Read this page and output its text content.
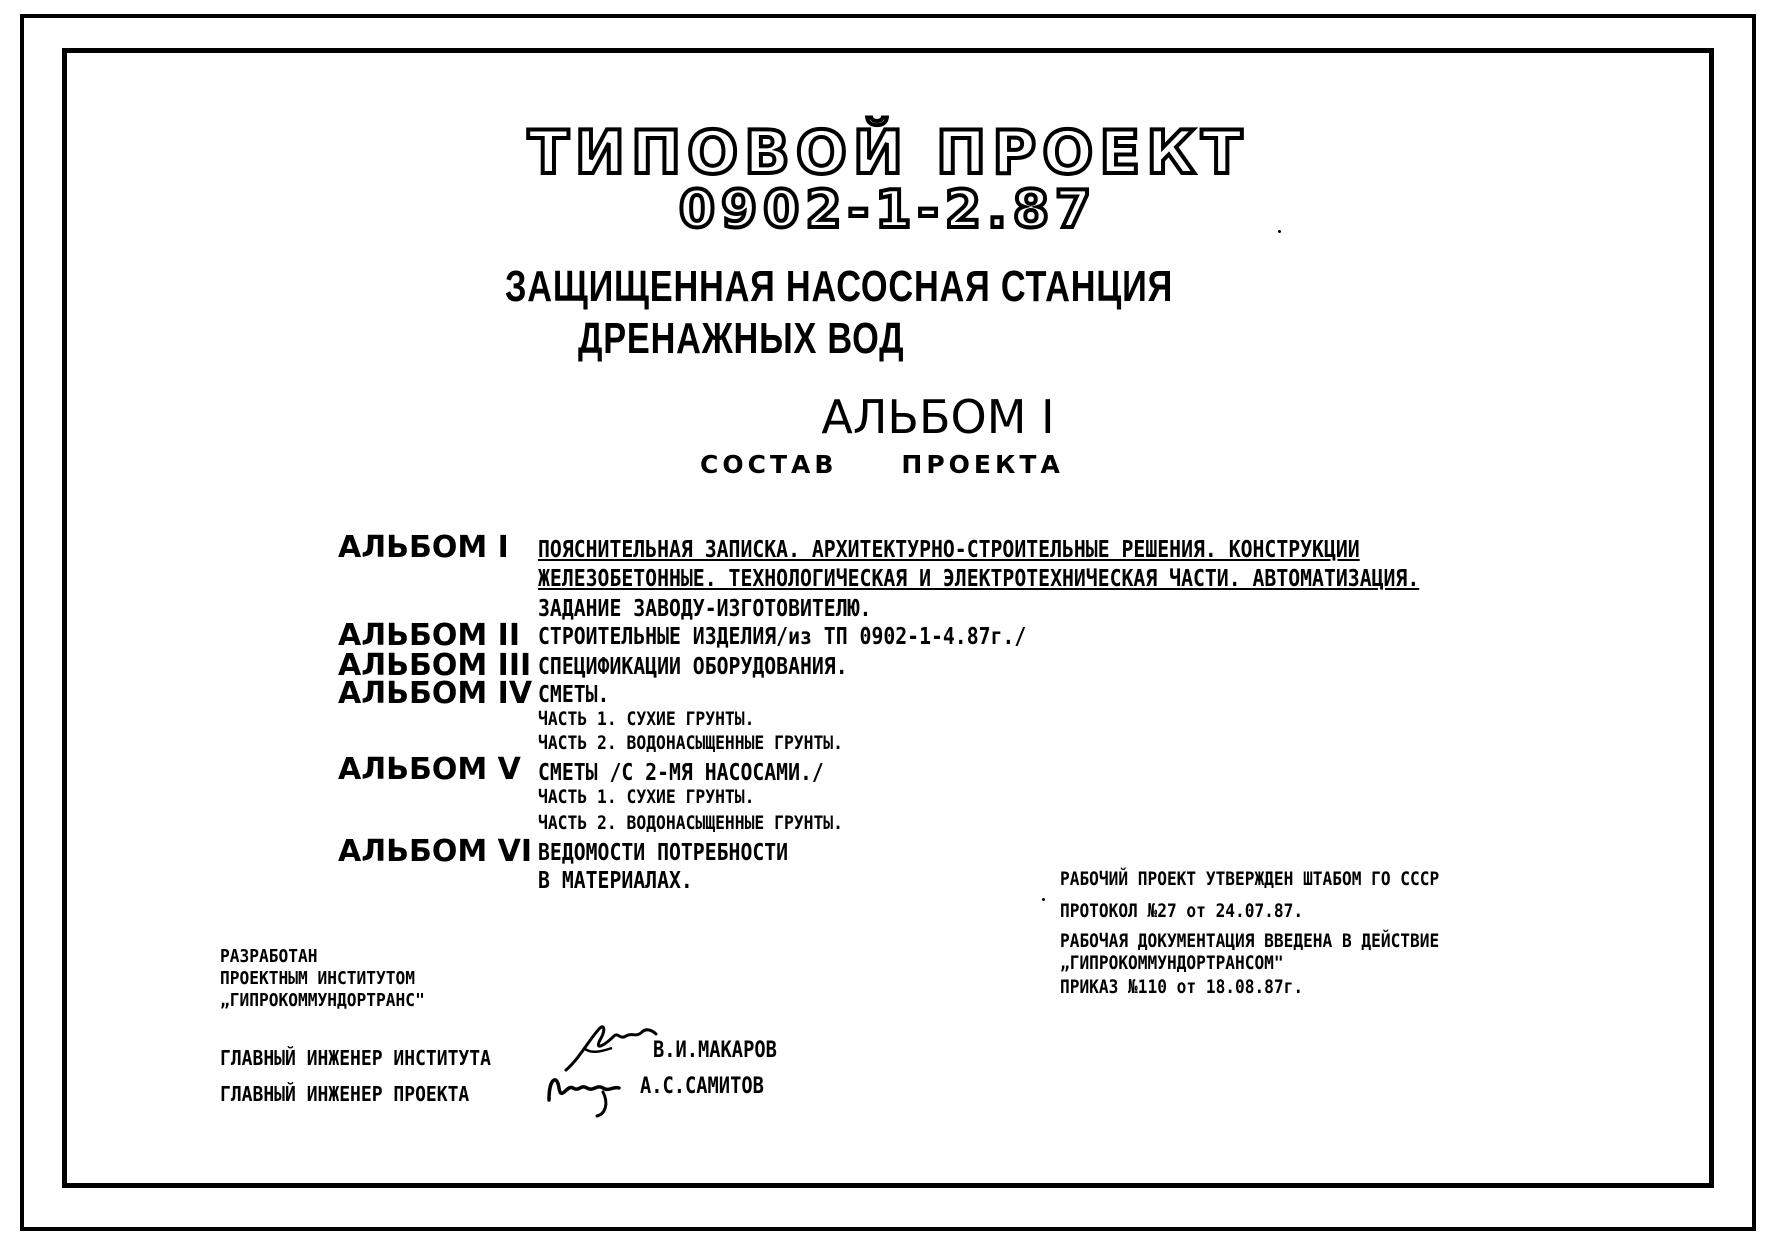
ТИПОВОЙ ПРОЕКТ
0902-1-2.87
ЗАЩИЩЕННАЯ НАСОСНАЯ СТАНЦИЯ
ДРЕНАЖНЫХ ВОД
АЛЬБОМ I
СОСТАВ	ПРОЕКТА
АЛЬБОМ I ПОЯСНИТЕЛЬНАЯ ЗАПИСКА. АРХИТЕКТУРНО-СТРОИТЕЛЬНЫЕ РЕШЕНИЯ. КОНСТРУКЦИИ
ЖЕЛЕЗОБЕТОННЫЕ. ТЕХНОЛОГИЧЕСКАЯ И ЭЛЕКТРОТЕХНИЧЕСКАЯ ЧАСТИ. АВТОМАТИЗАЦИЯ.
ЗАДАНИЕ ЗАВОДУ-ИЗГОТОВИТЕЛЮ.
АЛЬБОМ II СТРОИТЕЛЬНЫЕ ИЗДЕЛИЯ/из ТП 0902-1-4.87г./
АЛЬБОМ III СПЕЦИФИКАЦИИ ОБОРУДОВАНИЯ.
АЛЬБОМ IV СМЕТЫ.
ЧАСТЬ 1. СУХИЕ ГРУНТЫ.
ЧАСТЬ 2. ВОДОНАСЫЩЕННЫЕ ГРУНТЫ.
АЛЬБОМ V СМЕТЫ /С 2-МЯ НАСОСАМИ./
ЧАСТЬ 1. СУХИЕ ГРУНТЫ.
ЧАСТЬ 2. ВОДОНАСЫЩЕННЫЕ ГРУНТЫ.
АЛЬБОМ VI ВЕДОМОСТИ ПОТРЕБНОСТИ
В МАТЕРИАЛАХ.
РАЗРАБОТАН
ПРОЕКТНЫМ ИНСТИТУТОМ
„ГИПРОКОММУНДОРТРАНС"
ГЛАВНЫЙ ИНЖЕНЕР ИНСТИТУТА	В.И.МАКАРОВ
ГЛАВНЫЙ ИНЖЕНЕР ПРОЕКТА	А.С.САМИТОВ
РАБОЧИЙ ПРОЕКТ УТВЕРЖДЕН ШТАБОМ ГО СССР
ПРОТОКОЛ №27 от 24.07.87.
РАБОЧАЯ ДОКУМЕНТАЦИЯ ВВЕДЕНА В ДЕЙСТВИЕ
„ГИПРОКОММУНДОРТРАНСОМ"
ПРИКАЗ №110 от 18.08.87г.
